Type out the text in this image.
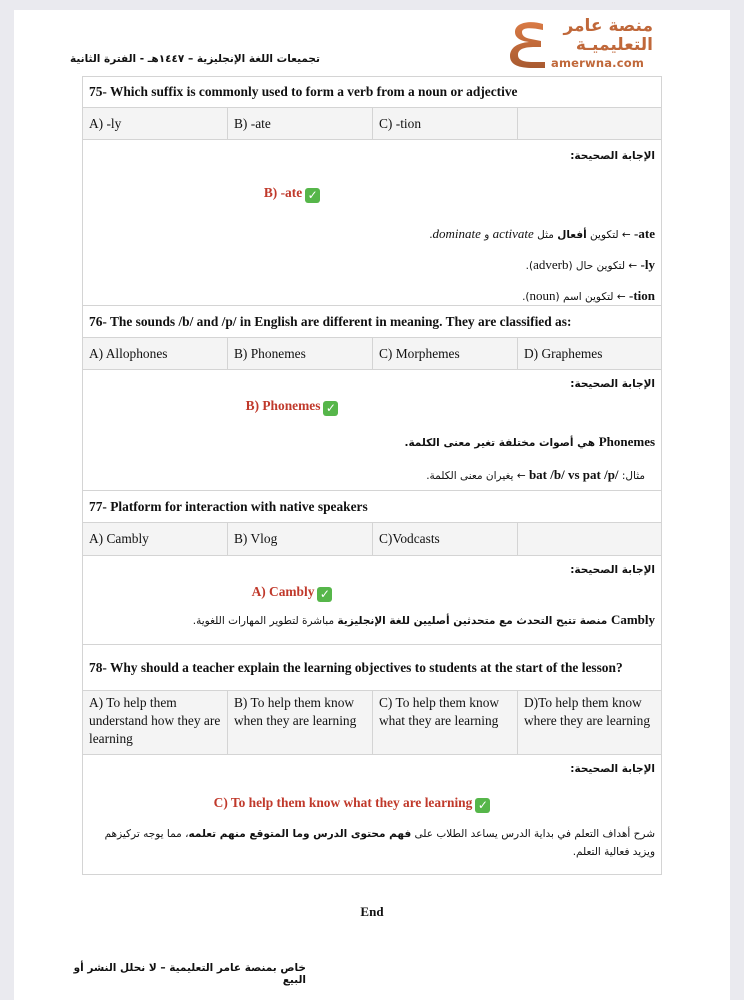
منصة عامر
التعليميـة
amerwna.com
تجميعات اللغة الإنجليزية – ١٤٤٧هـ - الفترة الثانية
75- Which suffix is commonly used to form a verb from a noun or adjective
A) -ly	B) -ate	C) -tion	

الإجابة الصحيحة:
B) -ate ✓
ate- ← لتكوين أفعال مثل activate و dominate.
ly- ← لتكوين حال (adverb).
tion- ← لتكوين اسم (noun).
76- The sounds /b/ and /p/ in English are different in meaning. They are classified as:
A) Allophones	B) Phonemes	C) Morphemes	D) Graphemes

الإجابة الصحيحة:
B) Phonemes ✓
Phonemes هي أصوات مختلفة تغير معنى الكلمة.
مثال: bat /b/ vs pat /p/ ← يغيران معنى الكلمة.
77- Platform for interaction with native speakers
A) Cambly	B) Vlog	C)Vodcasts	

الإجابة الصحيحة:
A) Cambly ✓
Cambly منصة تتيح التحدث مع متحدثين أصليين للغة الإنجليزية مباشرة لتطوير المهارات اللغوية.
78- Why should a teacher explain the learning objectives to students at the start of the lesson?
A) To help them understand how they are learning	B) To help them know when they are learning	C) To help them know what they are learning	D)To help them know where they are learning

الإجابة الصحيحة:
C) To help them know what they are learning ✓
شرح أهداف التعلم في بداية الدرس يساعد الطلاب على فهم محتوى الدرس وما المتوقع منهم تعلمه، مما يوجه تركيزهم ويزيد فعالية التعلم.
End
خاص بمنصة عامر التعليمية – لا نحلل النشر أو البيع
